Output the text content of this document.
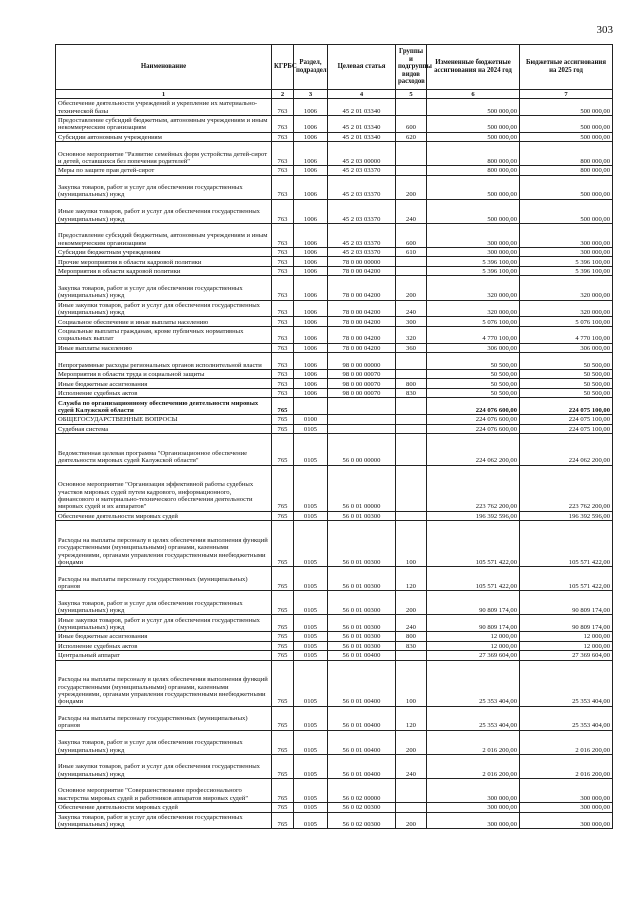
303
Наименование	КГРБС	Раздел, подраздел	Целевая статья	Группы и подгруппы видов расходов	Измененные бюджетные ассигнования на 2024 год	Бюджетные ассигнования на 2025 год
1	2	3	4	5	6	7
Обеспечение деятельности учреждений и укрепление их материально-технической базы	763	1006	45 2 01 03340		500 000,00	500 000,00
Предоставление субсидий бюджетным, автономным учреждениям и иным некоммерческим организациям	763	1006	45 2 01 03340	600	500 000,00	500 000,00
Субсидии автономным учреждениям	763	1006	45 2 01 03340	620	500 000,00	500 000,00
Основное мероприятие "Развитие семейных форм устройства детей-сирот и детей, оставшихся без попечения родителей"	763	1006	45 2 03 00000		800 000,00	800 000,00
Меры по защите прав детей-сирот	763	1006	45 2 03 03370		800 000,00	800 000,00
Закупка товаров, работ и услуг для обеспечения государственных (муниципальных) нужд	763	1006	45 2 03 03370	200	500 000,00	500 000,00
Иные закупки товаров, работ и услуг для обеспечения государственных (муниципальных) нужд	763	1006	45 2 03 03370	240	500 000,00	500 000,00
Предоставление субсидий бюджетным, автономным учреждениям и иным некоммерческим организациям	763	1006	45 2 03 03370	600	300 000,00	300 000,00
Субсидии бюджетным учреждениям	763	1006	45 2 03 03370	610	300 000,00	300 000,00
Прочие мероприятия в области кадровой политики	763	1006	78 0 00 00000		5 396 100,00	5 396 100,00
Мероприятия в области кадровой политики	763	1006	78 0 00 04200		5 396 100,00	5 396 100,00
Закупка товаров, работ и услуг для обеспечения государственных (муниципальных) нужд	763	1006	78 0 00 04200	200	320 000,00	320 000,00
Иные закупки товаров, работ и услуг для обеспечения государственных (муниципальных) нужд	763	1006	78 0 00 04200	240	320 000,00	320 000,00
Социальное обеспечение и иные выплаты населению	763	1006	78 0 00 04200	300	5 076 100,00	5 076 100,00
Социальные выплаты гражданам, кроме публичных нормативных социальных выплат	763	1006	78 0 00 04200	320	4 770 100,00	4 770 100,00
Иные выплаты населению	763	1006	78 0 00 04200	360	306 000,00	306 000,00
Непрограммные расходы региональных органов исполнительной власти	763	1006	98 0 00 00000		50 500,00	50 500,00
Мероприятия в области труда и социальной защиты	763	1006	98 0 00 00070		50 500,00	50 500,00
Иные бюджетные ассигнования	763	1006	98 0 00 00070	800	50 500,00	50 500,00
Исполнение судебных актов	763	1006	98 0 00 00070	830	50 500,00	50 500,00
Служба по организационному обеспечению деятельности мировых судей Калужской области	765				224 076 600,00	224 075 100,00
ОБЩЕГОСУДАРСТВЕННЫЕ ВОПРОСЫ	765	0100			224 076 600,00	224 075 100,00
Судебная система	765	0105			224 076 600,00	224 075 100,00
Ведомственная целевая программа "Организационное обеспечение деятельности мировых судей Калужской области"	765	0105	56 0 00 00000		224 062 200,00	224 062 200,00
Основное мероприятие "Организация эффективной работы судебных участков мировых судей путем кадрового, информационного, финансового и материально-технического обеспечения деятельности мировых судей и их аппаратов"	765	0105	56 0 01 00000		223 762 200,00	223 762 200,00
Обеспечение деятельности мировых судей	765	0105	56 0 01 00300		196 392 596,00	196 392 596,00
Расходы на выплаты персоналу в целях обеспечения выполнения функций государственными (муниципальными) органами, казенными учреждениями, органами управления государственными внебюджетными фондами	765	0105	56 0 01 00300	100	105 571 422,00	105 571 422,00
Расходы на выплаты персоналу государственных (муниципальных) органов	765	0105	56 0 01 00300	120	105 571 422,00	105 571 422,00
Закупка товаров, работ и услуг для обеспечения государственных (муниципальных) нужд	765	0105	56 0 01 00300	200	90 809 174,00	90 809 174,00
Иные закупки товаров, работ и услуг для обеспечения государственных (муниципальных) нужд	765	0105	56 0 01 00300	240	90 809 174,00	90 809 174,00
Иные бюджетные ассигнования	765	0105	56 0 01 00300	800	12 000,00	12 000,00
Исполнение судебных актов	765	0105	56 0 01 00300	830	12 000,00	12 000,00
Центральный аппарат	765	0105	56 0 01 00400		27 369 604,00	27 369 604,00
Расходы на выплаты персоналу в целях обеспечения выполнения функций государственными (муниципальными) органами, казенными учреждениями, органами управления государственными внебюджетными фондами	765	0105	56 0 01 00400	100	25 353 404,00	25 353 404,00
Расходы на выплаты персоналу государственных (муниципальных) органов	765	0105	56 0 01 00400	120	25 353 404,00	25 353 404,00
Закупка товаров, работ и услуг для обеспечения государственных (муниципальных) нужд	765	0105	56 0 01 00400	200	2 016 200,00	2 016 200,00
Иные закупки товаров, работ и услуг для обеспечения государственных (муниципальных) нужд	765	0105	56 0 01 00400	240	2 016 200,00	2 016 200,00
Основное мероприятие "Совершенствование профессионального мастерства мировых судей и работников аппаратов мировых судей"	765	0105	56 0 02 00000		300 000,00	300 000,00
Обеспечение деятельности мировых судей	765	0105	56 0 02 00300		300 000,00	300 000,00
Закупка товаров, работ и услуг для обеспечения государственных (муниципальных) нужд	765	0105	56 0 02 00300	200	300 000,00	300 000,00
